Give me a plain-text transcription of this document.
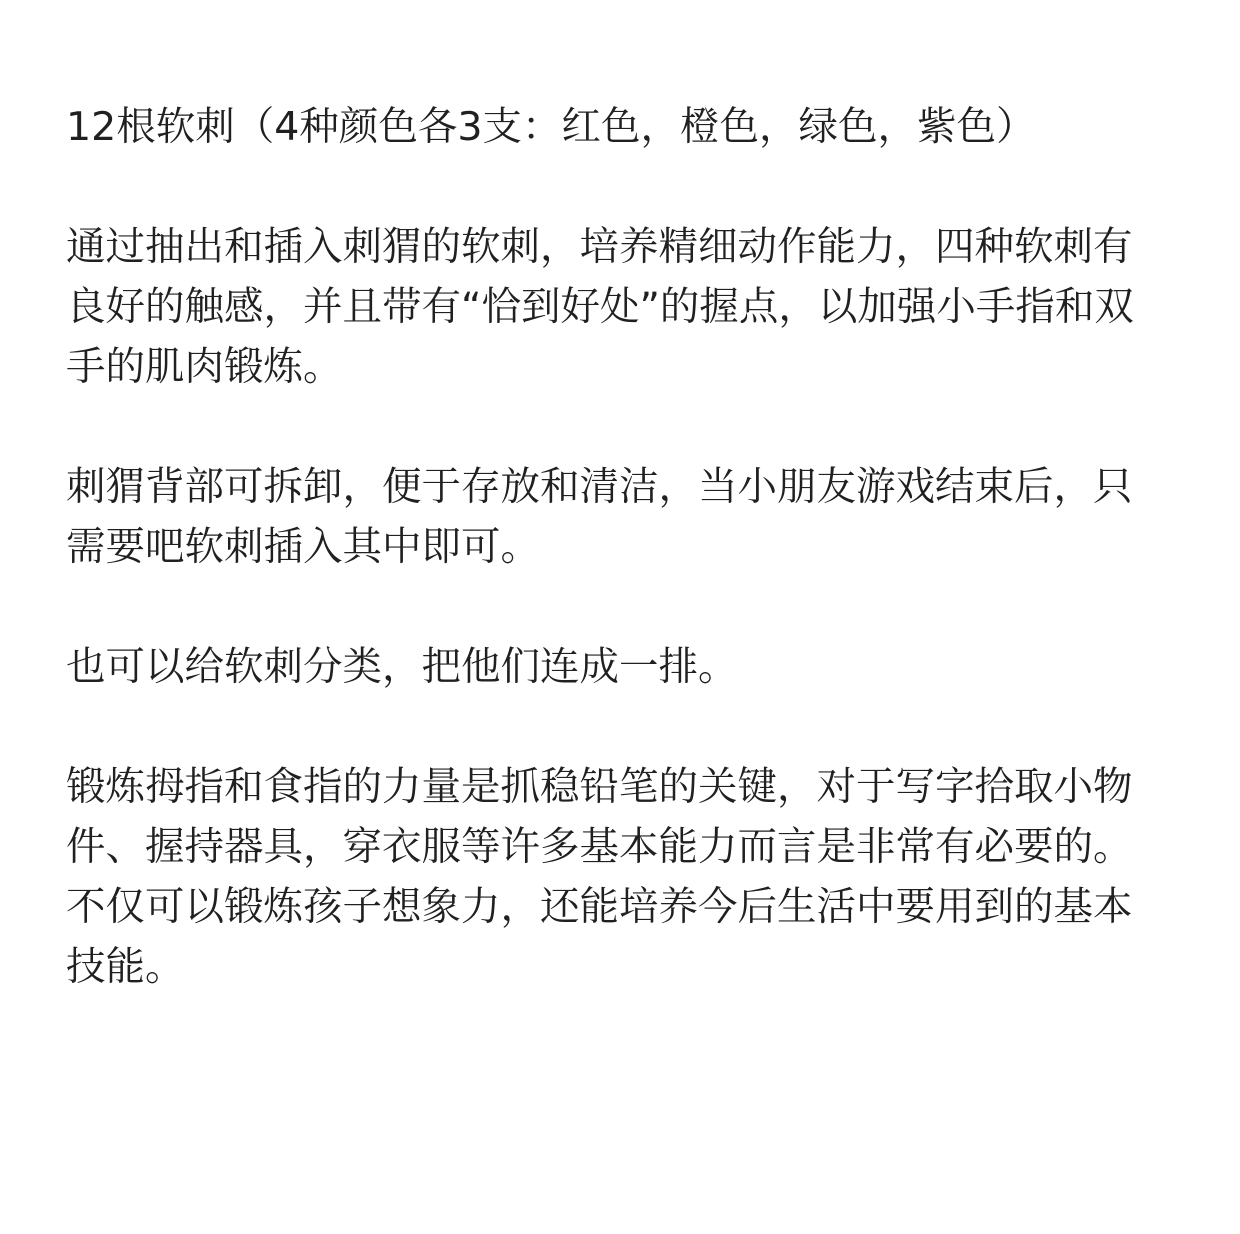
12根软刺（4种颜色各3支：红色，橙色，绿色，紫色）

通过抽出和插入刺猬的软刺，培养精细动作能力，四种软刺有良好的触感，并且带有“恰到好处”的握点，以加强小手指和双手的肌肉锻炼。

刺猬背部可拆卸，便于存放和清洁，当小朋友游戏结束后，只需要吧软刺插入其中即可。

也可以给软刺分类，把他们连成一排。

锻炼拇指和食指的力量是抓稳铅笔的关键，对于写字拾取小物件、握持器具，穿衣服等许多基本能力而言是非常有必要的。不仅可以锻炼孩子想象力，还能培养今后生活中要用到的基本技能。
